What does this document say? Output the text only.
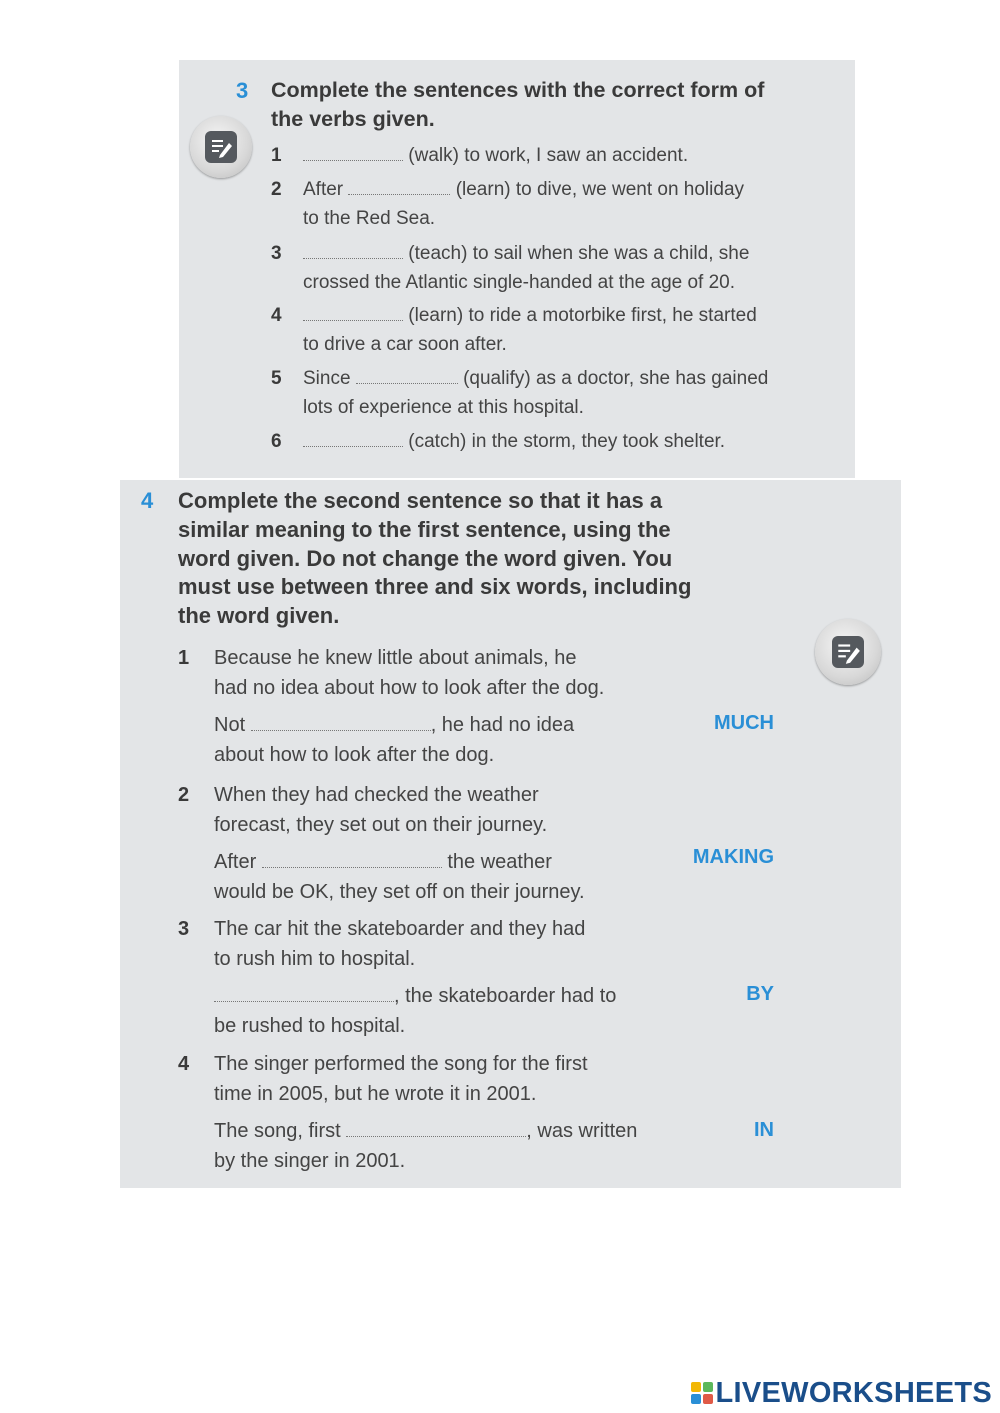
3 Complete the sentences with the correct form of
the verbs given.
1	(walk) to work, I saw an accident.
2 After	(learn) to dive, we went on holiday
to the Red Sea.
3	(teach) to sail when she was a child, she
crossed the Atlantic single-handed at the age of 20.
4	(learn) to ride a motorbike first, he started
to drive a car soon after.
5 Since	(qualify) as a doctor, she has gained
lots of experience at this hospital.
6	(catch) in the storm, they took shelter.
4 Complete the second sentence so that it has a
similar meaning to the first sentence, using the
word given. Do not change the word given. You
must use between three and six words, including
the word given.
1 Because he knew little about animals, he
had no idea about how to look after the dog.
Not	, he had no idea
about how to look after the dog.
MUCH
2 When they had checked the weather
forecast, they set out on their journey.
After	the weather
would be OK, they set off on their journey.
MAKING
3 The car hit the skateboarder and they had
to rush him to hospital.
, the skateboarder had to
be rushed to hospital.
BY
4 The singer performed the song for the first
time in 2005, but he wrote it in 2001.
The song, first	, was written
by the singer in 2001.
IN
LIVEWORKSHEETS
